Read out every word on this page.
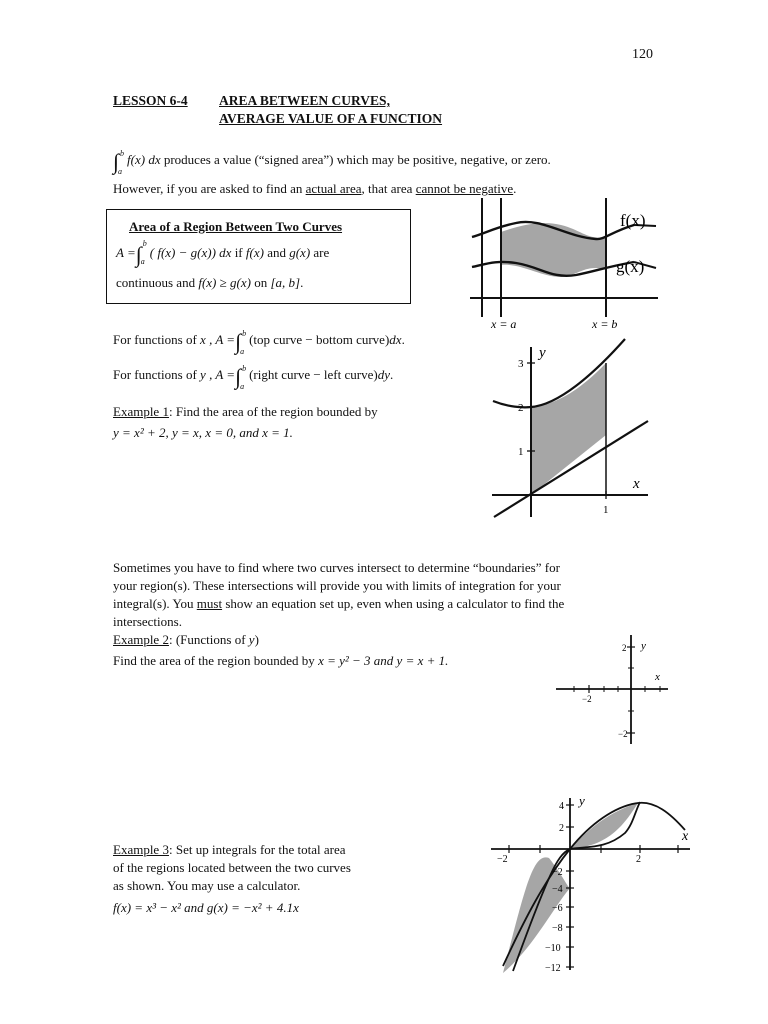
120
LESSON 6-4 AREA BETWEEN CURVES,
AVERAGE VALUE OF A FUNCTION
∫ b
a
f(x) dx produces a value (“signed area”) which may be positive, negative, or zero.
However, if you are asked to find an actual area, that area cannot be negative.
Area of a Region Between Two Curves
A =∫ b
a
( f(x) − g(x)) dx if f(x) and g(x) are
continuous and f(x) ≥ g(x) on [a, b].
f(x)
g(x)
x = a	x = b
For functions of x , A =∫ b
a
(top curve − bottom curve)dx.
For functions of y , A =∫ b
a
(right curve − left curve)dy.
Example 1: Find the area of the region bounded by
y = x² + 2, y = x, x = 0, and x = 1.
3
2
1
1
y
x
Sometimes you have to find where two curves intersect to determine “boundaries” for
your region(s). These intersections will provide you with limits of integration for your
integral(s). You must show an equation set up, even when using a calculator to find the
intersections.
Example 2: (Functions of y)
Find the area of the region bounded by x = y² − 3 and y = x + 1.
2
−2
−2
y
x
Example 3: Set up integrals for the total area
of the regions located between the two curves
as shown. You may use a calculator.
f(x) = x³ − x² and g(x) = −x² + 4.1x
4
2
−2
−4
−6
−8
−10
−12
−2	2
y
x
